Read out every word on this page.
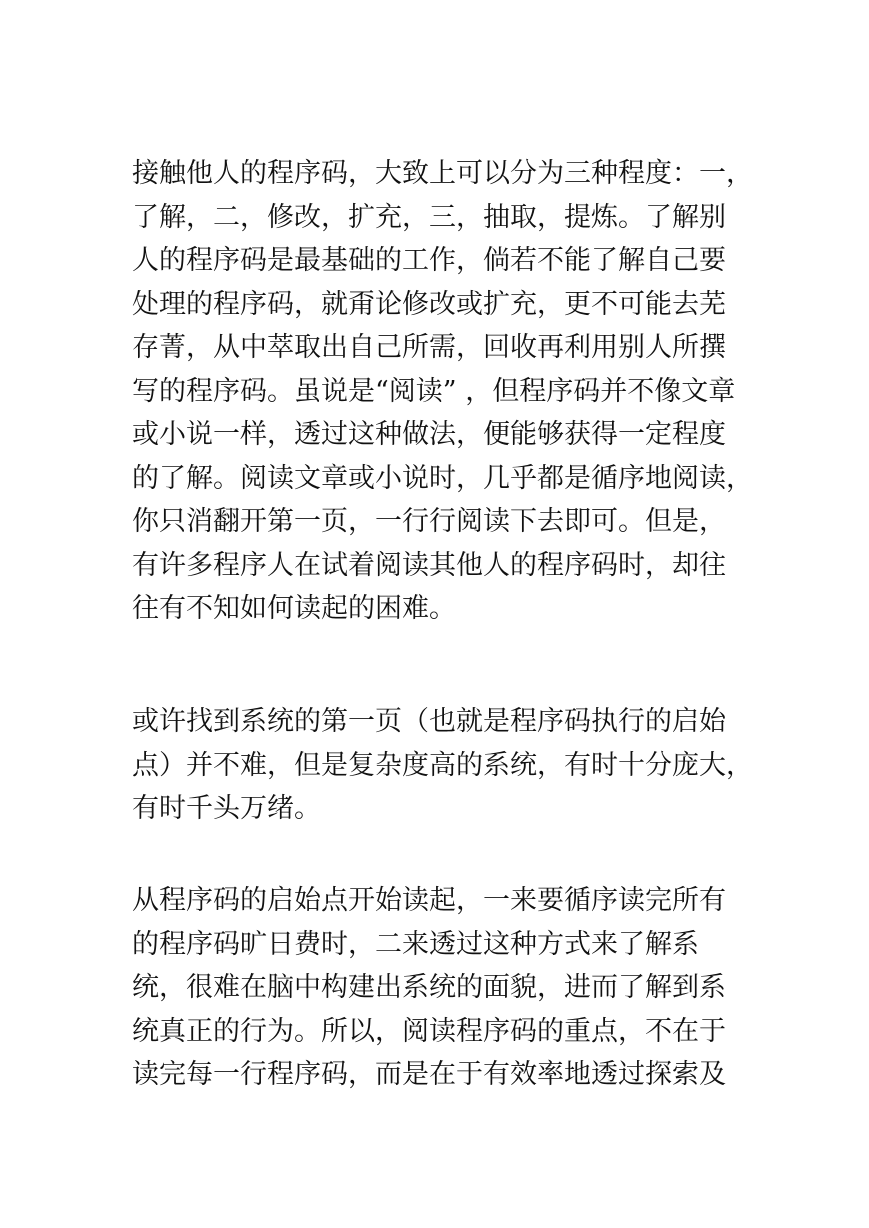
接触他人的程序码，大致上可以分为三种程度：一，
了解，二，修改，扩充，三，抽取，提炼。了解别
人的程序码是最基础的工作，倘若不能了解自己要
处理的程序码，就甭论修改或扩充，更不可能去芜
存菁，从中萃取出自己所需，回收再利用别人所撰
写的程序码。虽说是“阅读” ，但程序码并不像文章
或小说一样，透过这种做法，便能够获得一定程度
的了解。阅读文章或小说时，几乎都是循序地阅读，
你只消翻开第一页，一行行阅读下去即可。但是，
有许多程序人在试着阅读其他人的程序码时，却往
往有不知如何读起的困难。
或许找到系统的第一页（也就是程序码执行的启始
点）并不难，但是复杂度高的系统，有时十分庞大，
有时千头万绪。
从程序码的启始点开始读起，一来要循序读完所有
的程序码旷日费时，二来透过这种方式来了解系
统，很难在脑中构建出系统的面貌，进而了解到系
统真正的行为。所以，阅读程序码的重点，不在于
读完每一行程序码，而是在于有效率地透过探索及
